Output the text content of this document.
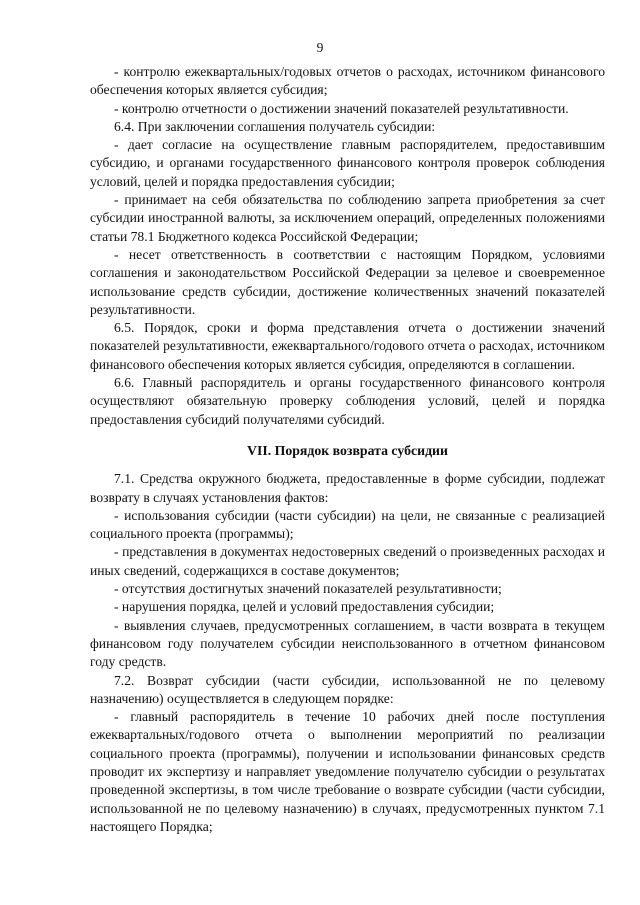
9

- контролю ежеквартальных/годовых отчетов о расходах, источником финансового обеспечения которых является субсидия;

- контролю отчетности о достижении значений показателей результативности.

6.4. При заключении соглашения получатель субсидии:

- дает согласие на осуществление главным распорядителем, предоставившим субсидию, и органами государственного финансового контроля проверок соблюдения условий, целей и порядка предоставления субсидии;

- принимает на себя обязательства по соблюдению запрета приобретения за счет субсидии иностранной валюты, за исключением операций, определенных положениями статьи 78.1 Бюджетного кодекса Российской Федерации;

- несет ответственность в соответствии с настоящим Порядком, условиями соглашения и законодательством Российской Федерации за целевое и своевременное использование средств субсидии, достижение количественных значений показателей результативности.

6.5. Порядок, сроки и форма представления отчета о достижении значений показателей результативности, ежеквартального/годового отчета о расходах, источником финансового обеспечения которых является субсидия, определяются в соглашении.

6.6. Главный распорядитель и органы государственного финансового контроля осуществляют обязательную проверку соблюдения условий, целей и порядка предоставления субсидий получателями субсидий.

VII. Порядок возврата субсидии

7.1. Средства окружного бюджета, предоставленные в форме субсидии, подлежат возврату в случаях установления фактов:

- использования субсидии (части субсидии) на цели, не связанные с реализацией социального проекта (программы);

- представления в документах недостоверных сведений о произведенных расходах и иных сведений, содержащихся в составе документов;

- отсутствия достигнутых значений показателей результативности;

- нарушения порядка, целей и условий предоставления субсидии;

- выявления случаев, предусмотренных соглашением, в части возврата в текущем финансовом году получателем субсидии неиспользованного в отчетном финансовом году средств.

7.2. Возврат субсидии (части субсидии, использованной не по целевому назначению) осуществляется в следующем порядке:

- главный распорядитель в течение 10 рабочих дней после поступления ежеквартальных/годового отчета о выполнении мероприятий по реализации социального проекта (программы), получении и использовании финансовых средств проводит их экспертизу и направляет уведомление получателю субсидии о результатах проведенной экспертизы, в том числе требование о возврате субсидии (части субсидии, использованной не по целевому назначению) в случаях, предусмотренных пунктом 7.1 настоящего Порядка;
